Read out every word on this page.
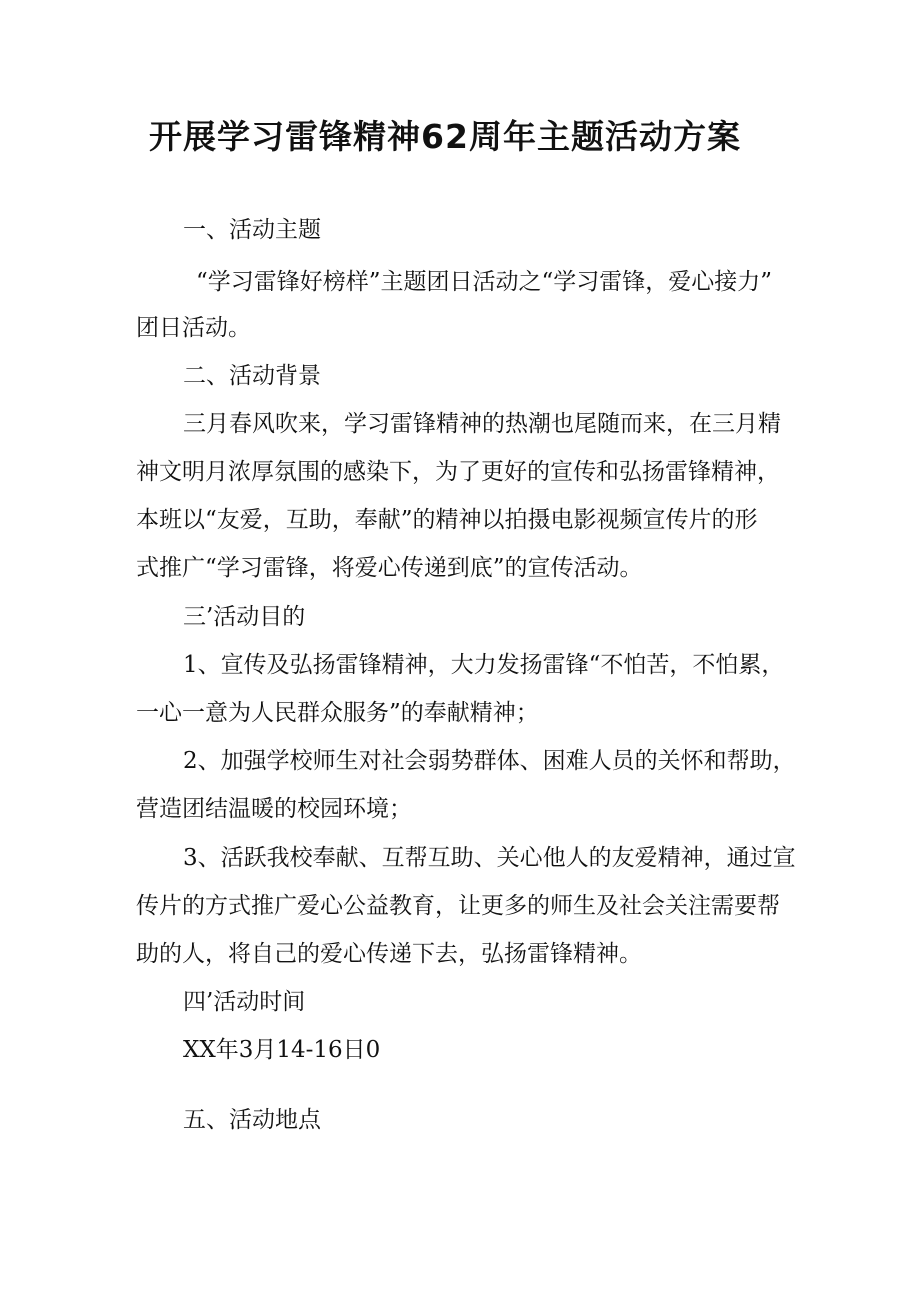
开展学习雷锋精神62周年主题活动方案

一、活动主题

“学习雷锋好榜样”主题团日活动之“学习雷锋，爱心接力”

团日活动。

二、活动背景

三月春风吹来，学习雷锋精神的热潮也尾随而来，在三月精

神文明月浓厚氛围的感染下，为了更好的宣传和弘扬雷锋精神，

本班以“友爱，互助，奉献”的精神以拍摄电影视频宣传片的形

式推广“学习雷锋，将爱心传递到底”的宣传活动。

三’活动目的

1、宣传及弘扬雷锋精神，大力发扬雷锋“不怕苦，不怕累，

一心一意为人民群众服务”的奉献精神；

2、加强学校师生对社会弱势群体、困难人员的关怀和帮助，

营造团结温暖的校园环境；

3、活跃我校奉献、互帮互助、关心他人的友爱精神，通过宣

传片的方式推广爱心公益教育，让更多的师生及社会关注需要帮

助的人，将自己的爱心传递下去，弘扬雷锋精神。

四’活动时间

XX年3月14-16日0

五、活动地点
